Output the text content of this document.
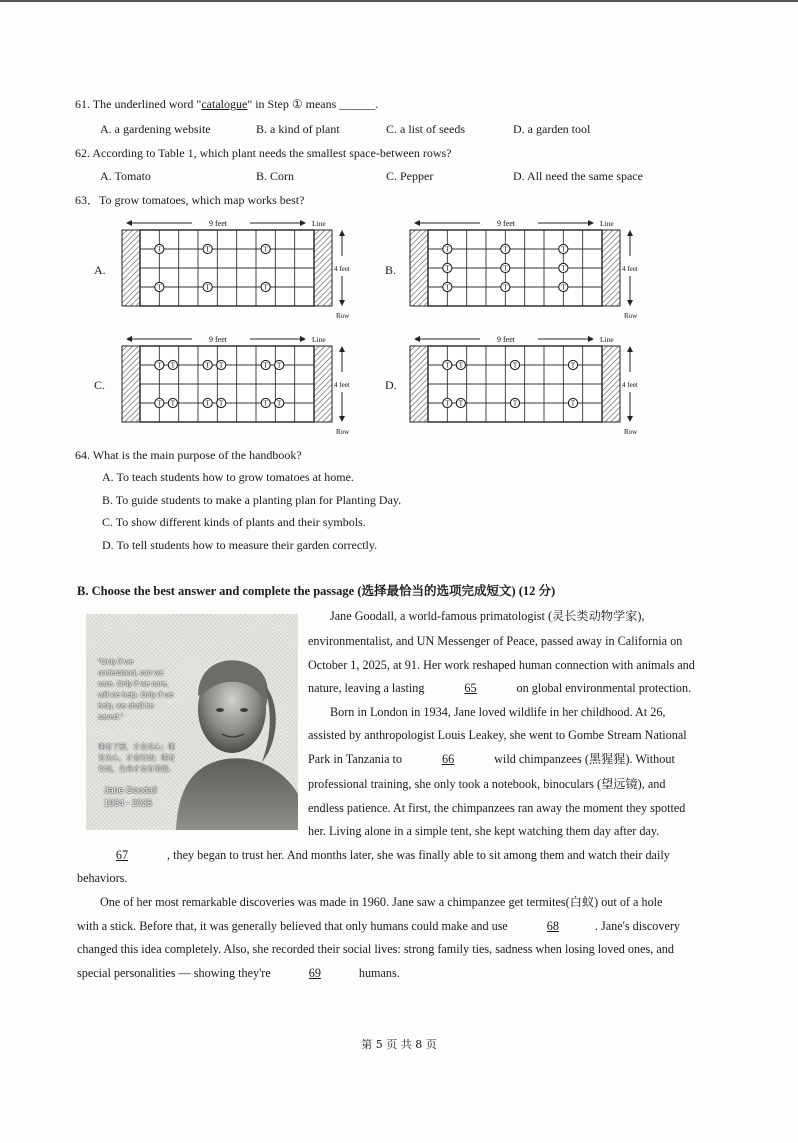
61. The underlined word "catalogue" in Step ① means ______.
A. a gardening website	B. a kind of plant	C. a list of seeds	D. a garden tool
62. According to Table 1, which plant needs the smallest space-between rows?
A. Tomato	B. Corn	C. Pepper	D. All need the same space
63．To grow tomatoes, which map works best?
A.
9 feet	Line
4 feet
Row
T	T	T
T	T	T
B.
9 feet	Line
4 feet
Row
T	T	T
T	T	T
T	T	T
C.
9 feet	Line
4 feet
Row
T T	T T	T T
T T	T T	T T
D.
9 feet	Line
4 feet
Row
T T	T	T
T T	T	T
64. What is the main purpose of the handbook?
A. To teach students how to grow tomatoes at home.
B. To guide students to make a planting plan for Planting Day.
C. To show different kinds of plants and their symbols.
D. To tell students how to measure their garden correctly.
B. Choose the best answer and complete the passage (选择最恰当的选项完成短文) (12 分)
"Only if we understand, can we care. Only if we care, will we help. Only if we help, we shall be saved."
唯有了解，才会关心；唯有关心，才会行动；唯有行动，生命才会有希望。
Jane Goodall
1934 - 2025
Jane Goodall, a world-famous primatologist (灵长类动物学家),
environmentalist, and UN Messenger of Peace, passed away in California on
October 1, 2025, at 91. Her work reshaped human connection with animals and
nature, leaving a lasting	65	on global environmental protection.
Born in London in 1934, Jane loved wildlife in her childhood. At 26,
assisted by anthropologist Louis Leakey, she went to Gombe Stream National
Park in Tanzania to	66	wild chimpanzees (黑猩猩). Without
professional training, she only took a notebook, binoculars (望远镜), and
endless patience. At first, the chimpanzees ran away the moment they spotted
her. Living alone in a simple tent, she kept watching them day after day.
67	, they began to trust her. And months later, she was finally able to sit among them and watch their daily
behaviors.
One of her most remarkable discoveries was made in 1960. Jane saw a chimpanzee get termites(白蚁) out of a hole
with a stick. Before that, it was generally believed that only humans could make and use	68	. Jane's discovery
changed this idea completely. Also, she recorded their social lives: strong family ties, sadness when losing loved ones, and
special personalities — showing they're	69	humans.
第 5 页 共 8 页
